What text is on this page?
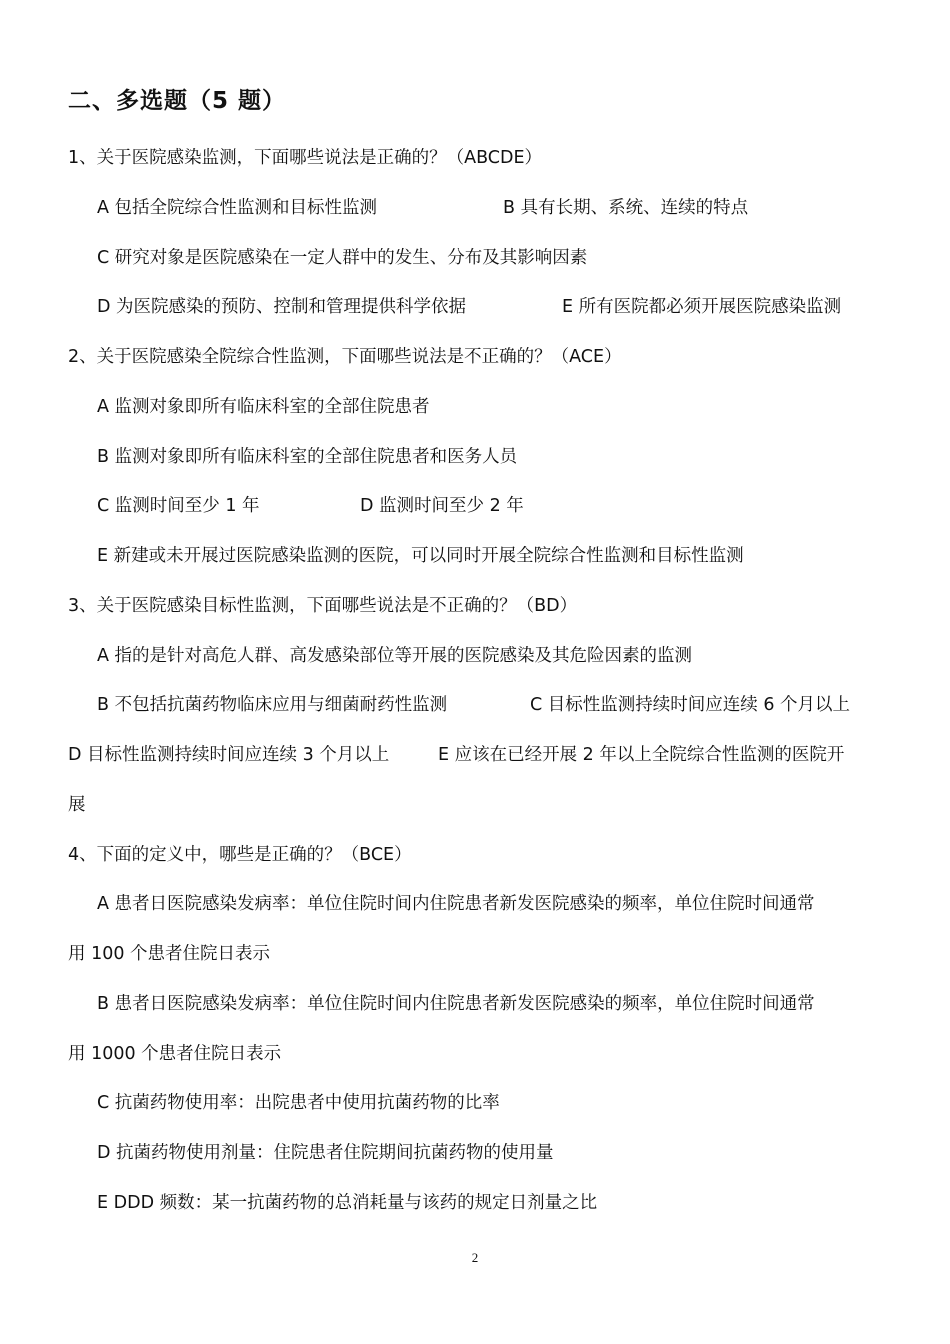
二、多选题（5 题）
1、关于医院感染监测，下面哪些说法是正确的？（ABCDE）
A 包括全院综合性监测和目标性监测	B 具有长期、系统、连续的特点
C 研究对象是医院感染在一定人群中的发生、分布及其影响因素
D 为医院感染的预防、控制和管理提供科学依据	E 所有医院都必须开展医院感染监测
2、关于医院感染全院综合性监测，下面哪些说法是不正确的？（ACE）
A 监测对象即所有临床科室的全部住院患者
B 监测对象即所有临床科室的全部住院患者和医务人员
C 监测时间至少 1 年	D 监测时间至少 2 年
E 新建或未开展过医院感染监测的医院，可以同时开展全院综合性监测和目标性监测
3、关于医院感染目标性监测，下面哪些说法是不正确的？（BD）
A 指的是针对高危人群、高发感染部位等开展的医院感染及其危险因素的监测
B 不包括抗菌药物临床应用与细菌耐药性监测	C 目标性监测持续时间应连续 6 个月以上
D 目标性监测持续时间应连续 3 个月以上	E 应该在已经开展 2 年以上全院综合性监测的医院开
展
4、下面的定义中，哪些是正确的？（BCE）
A 患者日医院感染发病率：单位住院时间内住院患者新发医院感染的频率，单位住院时间通常
用 100 个患者住院日表示
B 患者日医院感染发病率：单位住院时间内住院患者新发医院感染的频率，单位住院时间通常
用 1000 个患者住院日表示
C 抗菌药物使用率：出院患者中使用抗菌药物的比率
D 抗菌药物使用剂量：住院患者住院期间抗菌药物的使用量
E DDD 频数：某一抗菌药物的总消耗量与该药的规定日剂量之比
2
